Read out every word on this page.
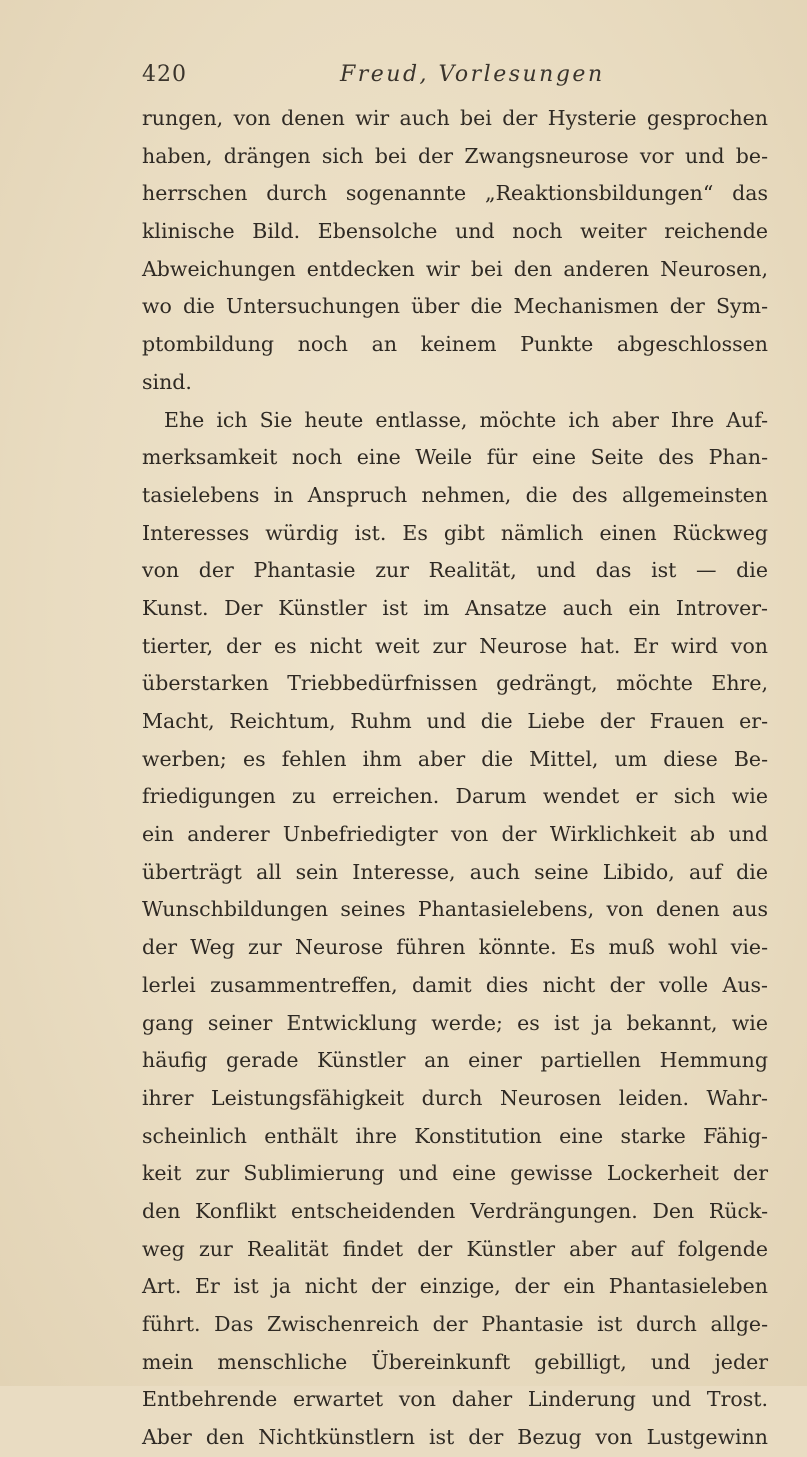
420	Freud, Vorlesungen
rungen, von denen wir auch bei der Hysterie gesprochen
haben, drängen sich bei der Zwangsneurose vor und be-
herrschen durch sogenannte „Reaktionsbildungen“ das
klinische Bild. Ebensolche und noch weiter reichende
Abweichungen entdecken wir bei den anderen Neurosen,
wo die Untersuchungen über die Mechanismen der Sym-
ptombildung noch an keinem Punkte abgeschlossen
sind.
Ehe ich Sie heute entlasse, möchte ich aber Ihre Auf-
merksamkeit noch eine Weile für eine Seite des Phan-
tasielebens in Anspruch nehmen, die des allgemeinsten
Interesses würdig ist. Es gibt nämlich einen Rückweg
von der Phantasie zur Realität, und das ist — die
Kunst. Der Künstler ist im Ansatze auch ein Introver-
tierter, der es nicht weit zur Neurose hat. Er wird von
überstarken Triebbedürfnissen gedrängt, möchte Ehre,
Macht, Reichtum, Ruhm und die Liebe der Frauen er-
werben; es fehlen ihm aber die Mittel, um diese Be-
friedigungen zu erreichen. Darum wendet er sich wie
ein anderer Unbefriedigter von der Wirklichkeit ab und
überträgt all sein Interesse, auch seine Libido, auf die
Wunschbildungen seines Phantasielebens, von denen aus
der Weg zur Neurose führen könnte. Es muß wohl vie-
lerlei zusammentreffen, damit dies nicht der volle Aus-
gang seiner Entwicklung werde; es ist ja bekannt, wie
häufig gerade Künstler an einer partiellen Hemmung
ihrer Leistungsfähigkeit durch Neurosen leiden. Wahr-
scheinlich enthält ihre Konstitution eine starke Fähig-
keit zur Sublimierung und eine gewisse Lockerheit der
den Konflikt entscheidenden Verdrängungen. Den Rück-
weg zur Realität findet der Künstler aber auf folgende
Art. Er ist ja nicht der einzige, der ein Phantasieleben
führt. Das Zwischenreich der Phantasie ist durch allge-
mein menschliche Übereinkunft gebilligt, und jeder
Entbehrende erwartet von daher Linderung und Trost.
Aber den Nichtkünstlern ist der Bezug von Lustgewinn
